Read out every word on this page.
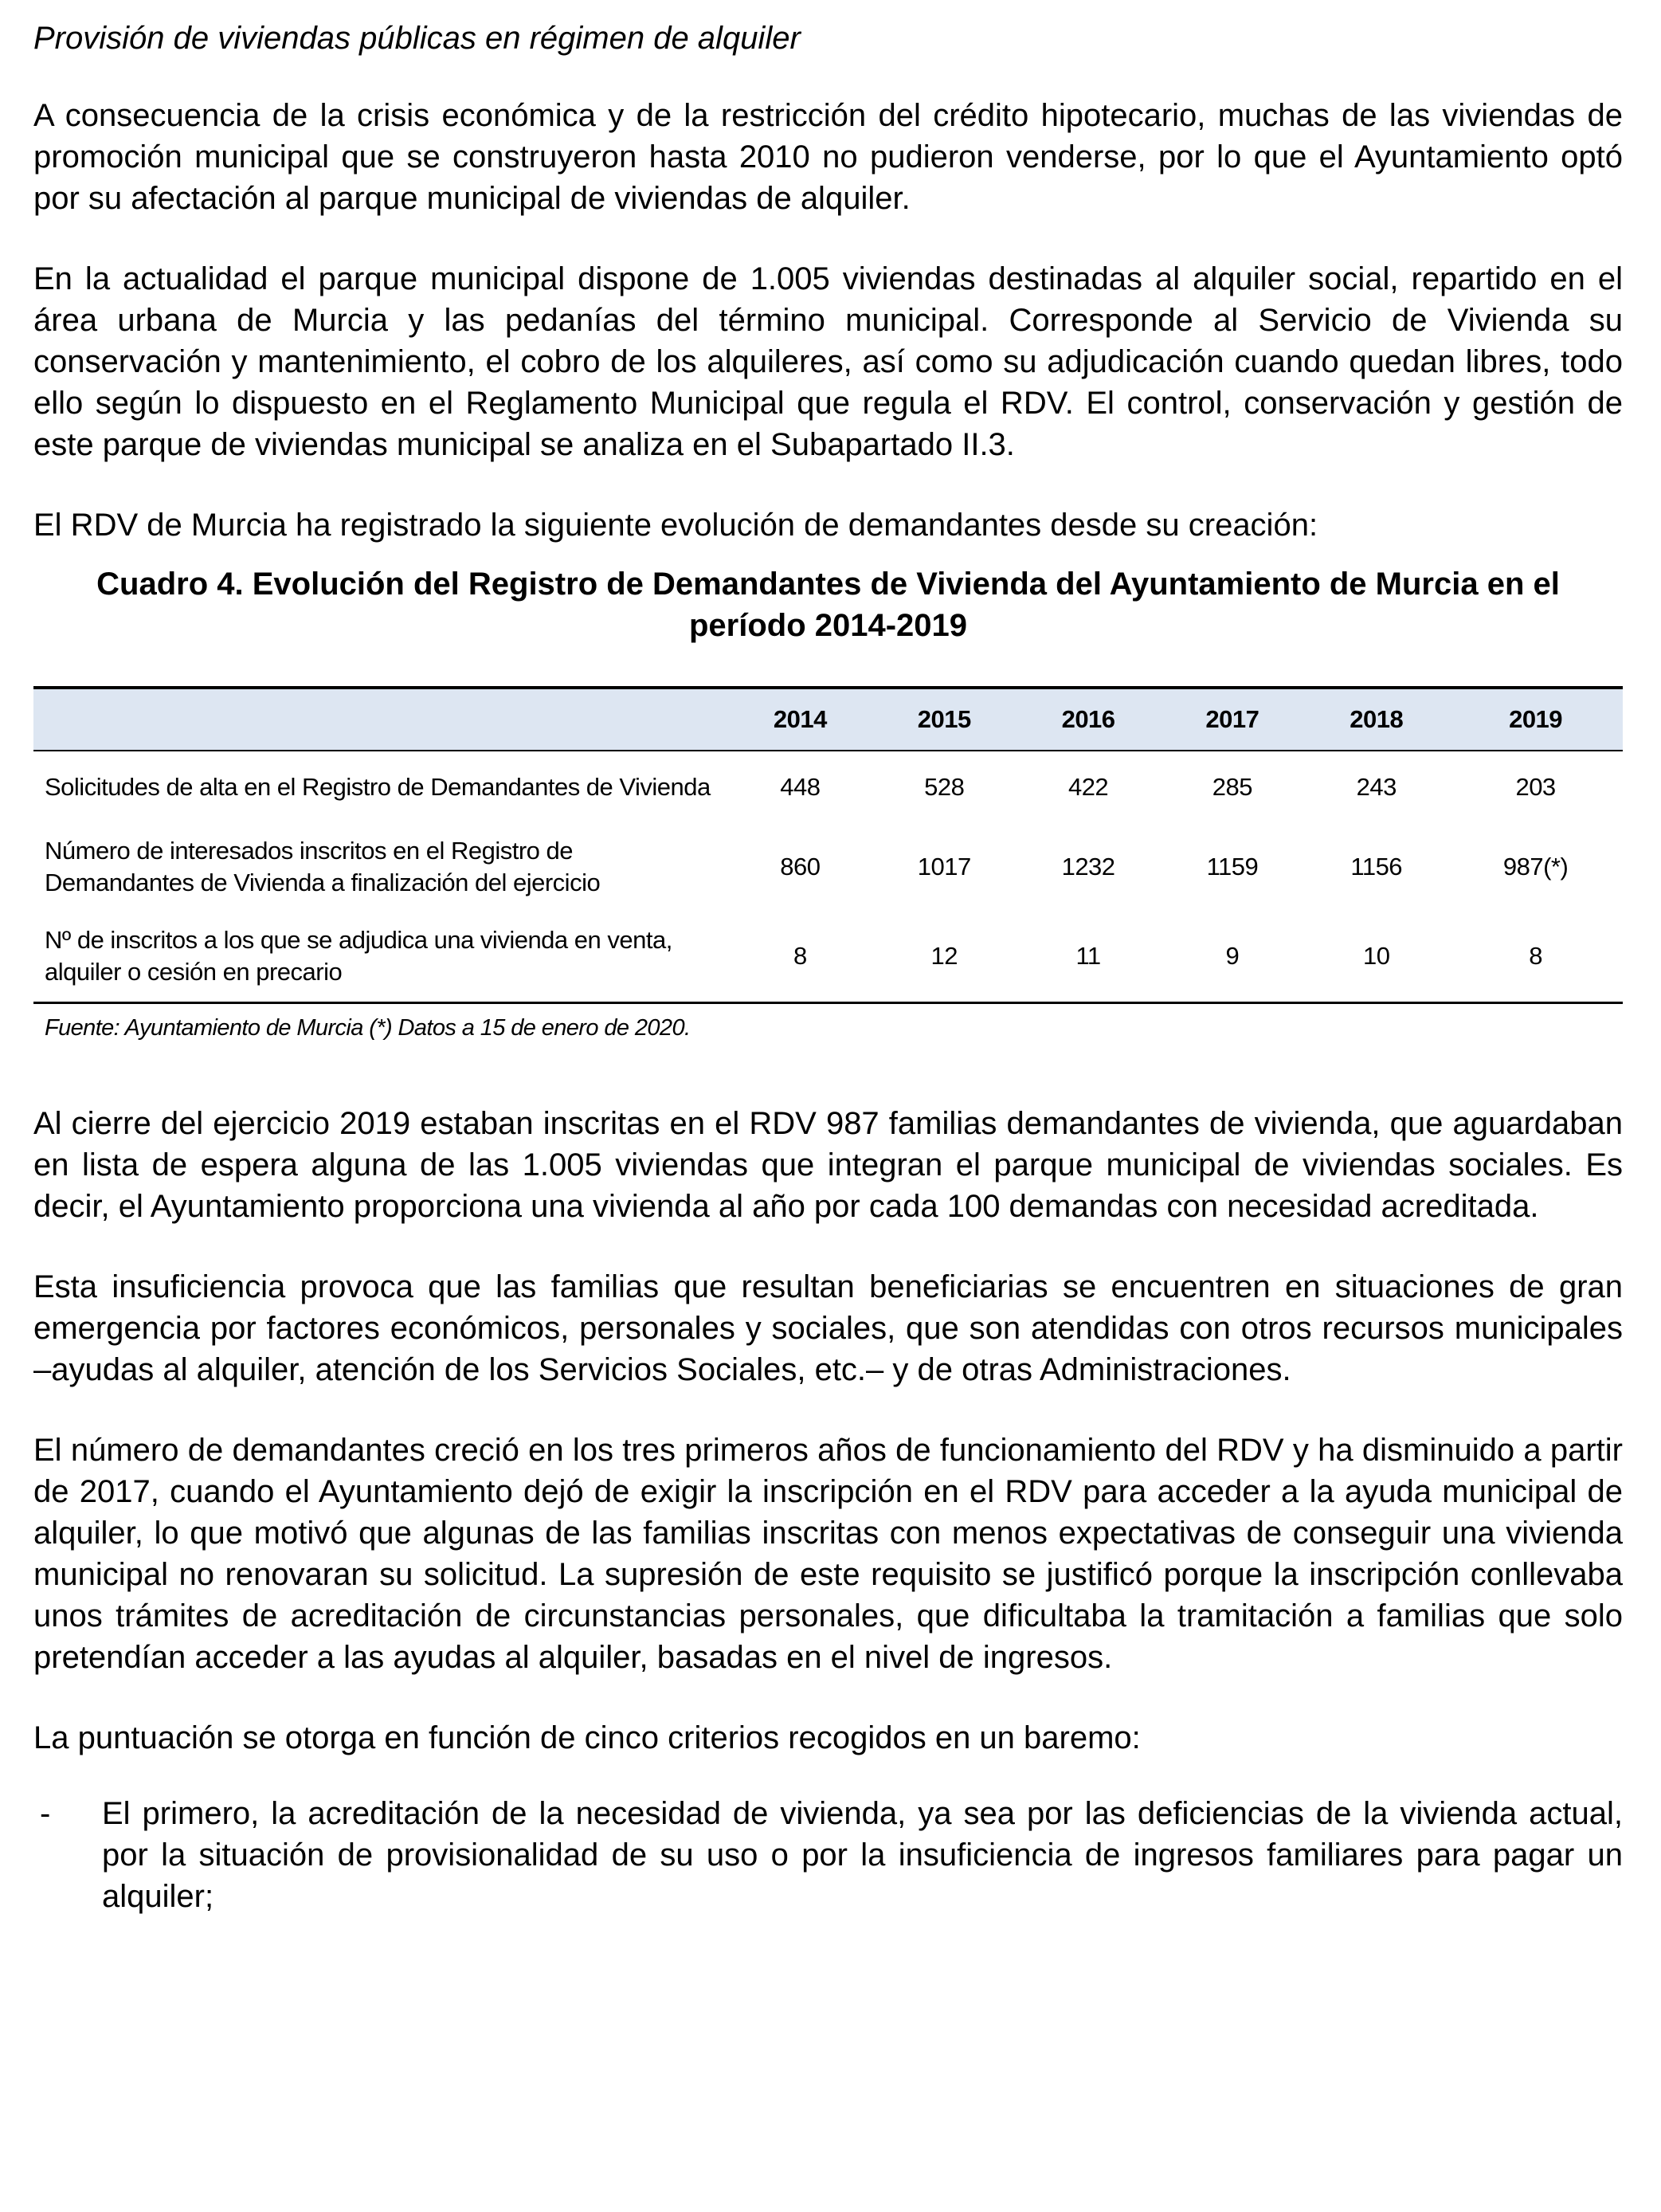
Provisión de viviendas públicas en régimen de alquiler

A consecuencia de la crisis económica y de la restricción del crédito hipotecario, muchas de las viviendas de promoción municipal que se construyeron hasta 2010 no pudieron venderse, por lo que el Ayuntamiento optó por su afectación al parque municipal de viviendas de alquiler.

En la actualidad el parque municipal dispone de 1.005 viviendas destinadas al alquiler social, repartido en el área urbana de Murcia y las pedanías del término municipal. Corresponde al Servicio de Vivienda su conservación y mantenimiento, el cobro de los alquileres, así como su adjudicación cuando quedan libres, todo ello según lo dispuesto en el Reglamento Municipal que regula el RDV. El control, conservación y gestión de este parque de viviendas municipal se analiza en el Subapartado II.3.

El RDV de Murcia ha registrado la siguiente evolución de demandantes desde su creación:

Cuadro 4. Evolución del Registro de Demandantes de Vivienda del Ayuntamiento de Murcia en el período 2014-2019

	2014	2015	2016	2017	2018	2019
Solicitudes de alta en el Registro de Demandantes de Vivienda	448	528	422	285	243	203
Número de interesados inscritos en el Registro de Demandantes de Vivienda a finalización del ejercicio	860	1017	1232	1159	1156	987(*)
Nº de inscritos a los que se adjudica una vivienda en venta, alquiler o cesión en precario	8	12	11	9	10	8
Fuente: Ayuntamiento de Murcia (*) Datos a 15 de enero de 2020.

Al cierre del ejercicio 2019 estaban inscritas en el RDV 987 familias demandantes de vivienda, que aguardaban en lista de espera alguna de las 1.005 viviendas que integran el parque municipal de viviendas sociales. Es decir, el Ayuntamiento proporciona una vivienda al año por cada 100 demandas con necesidad acreditada.

Esta insuficiencia provoca que las familias que resultan beneficiarias se encuentren en situaciones de gran emergencia por factores económicos, personales y sociales, que son atendidas con otros recursos municipales –ayudas al alquiler, atención de los Servicios Sociales, etc.– y de otras Administraciones.

El número de demandantes creció en los tres primeros años de funcionamiento del RDV y ha disminuido a partir de 2017, cuando el Ayuntamiento dejó de exigir la inscripción en el RDV para acceder a la ayuda municipal de alquiler, lo que motivó que algunas de las familias inscritas con menos expectativas de conseguir una vivienda municipal no renovaran su solicitud. La supresión de este requisito se justificó porque la inscripción conllevaba unos trámites de acreditación de circunstancias personales, que dificultaba la tramitación a familias que solo pretendían acceder a las ayudas al alquiler, basadas en el nivel de ingresos.

La puntuación se otorga en función de cinco criterios recogidos en un baremo:

-	El primero, la acreditación de la necesidad de vivienda, ya sea por las deficiencias de la vivienda actual, por la situación de provisionalidad de su uso o por la insuficiencia de ingresos familiares para pagar un alquiler;
